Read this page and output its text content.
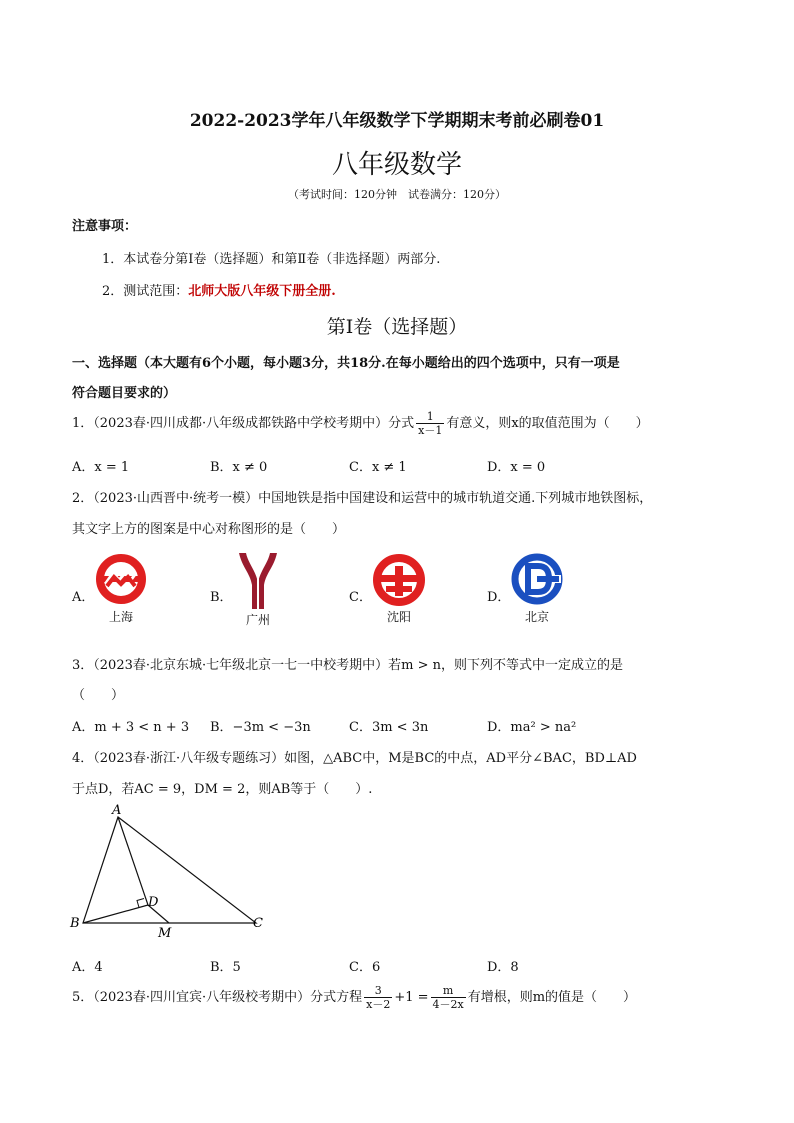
2022-2023学年八年级数学下学期期末考前必刷卷01
八年级数学
（考试时间：120分钟　试卷满分：120分）
注意事项：
1．本试卷分第Ⅰ卷（选择题）和第Ⅱ卷（非选择题）两部分.
2．测试范围：北师大版八年级下册全册.
第Ⅰ卷（选择题）
一、选择题（本大题有6个小题，每小题3分，共18分.在每小题给出的四个选项中，只有一项是
符合题目要求的）
1．（2023春·四川成都·八年级成都铁路中学校考期中）分式 $\frac{1}{x-1}$ 有意义，则x的取值范围为（　　）
A．x = 1	B．x ≠ 0	C．x ≠ 1	D．x = 0
2．（2023·山西晋中·统考一模）中国地铁是指中国建设和运营中的城市轨道交通.下列城市地铁图标，
其文字上方的图案是中心对称图形的是（　　）
A．	B．	C．	D．
上海	广州	沈阳	北京
3．（2023春·北京东城·七年级北京一七一中校考期中）若m > n，则下列不等式中一定成立的是
（　　）
A．m + 3 < n + 3 B．−3m < −3n	C．3m < 3n	D．ma² > na²
4．（2023春·浙江·八年级专题练习）如图，△ABC中，M是BC的中点，AD平分∠BAC，BD⊥AD
于点D，若AC = 9，DM = 2，则AB等于（　　）.
A
B	C
D
M
A．4	B．5	C．6	D．8
5．（2023春·四川宜宾·八年级校考期中）分式方程 $\frac{3}{x-2} +1 = \frac{m}{4-2x}$ 有增根，则m的值是（　　）
